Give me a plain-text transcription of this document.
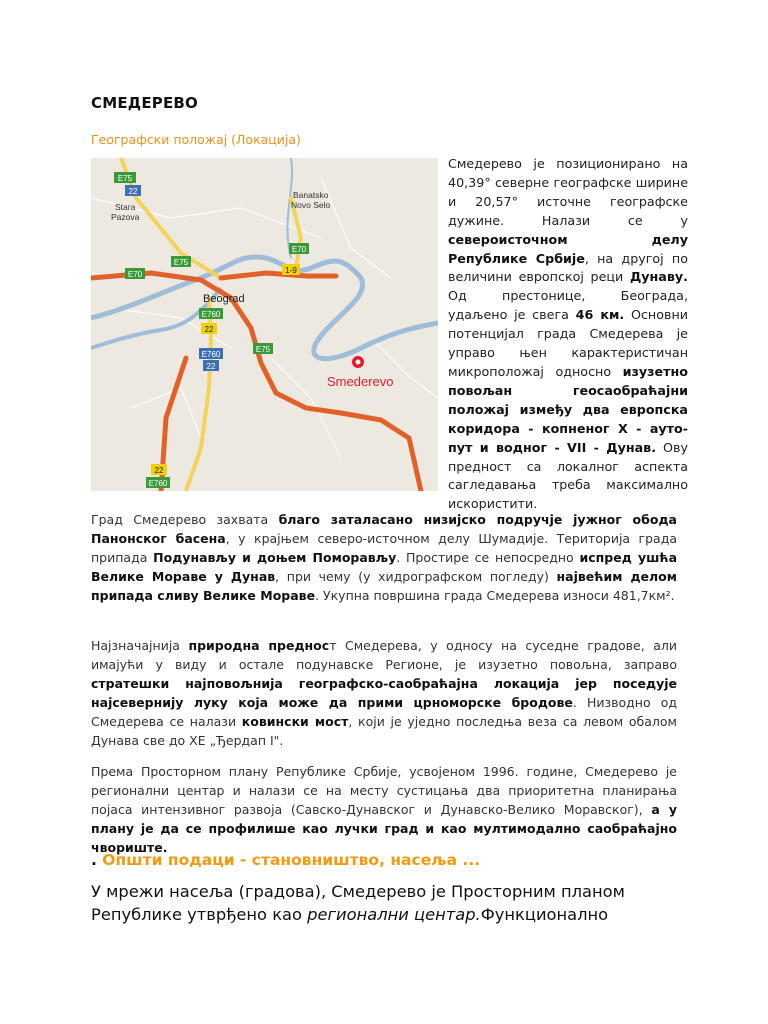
СМЕДЕРЕВО
Географски положај (Локација)
E75
22
E70
E75
E70
1-9
E760
22
E760
22
E75
22
E760
Stara
Pazova
Banatsko
Novo Selo
Beograd
Smederevo
Смедерево је позиционирано на 40,39° северне географске ширине и 20,57° источне географске дужине. Налази се у североисточном делу Републике Србије, на другој по величини европској реци Дунаву. Од престонице, Београда, удаљено је свега 46 км. Основни потенцијал града Смедерева је управо њен карактеристичан микроположај односно изузетно повољан геосаобраћајни положај између два европска коридора - копненог X - ауто-пут и водног - VII - Дунав. Ову предност са локалног аспекта сагледавања треба максимално искористити.
Град Смедерево захвата благо заталасано низијско подручје јужног обода Панонског басена, у крајњем северо-источном делу Шумадије. Територија града припада Подунављу и доњем Поморављу. Простире се непосредно испред ушћа Велике Мораве у Дунав, при чему (у хидрографском погледу) највећим делом припада сливу Велике Мораве. Укупна површина града Смедерева износи 481,7км².
Најзначајнија природна предност Смедерева, у односу на суседне градове, али имајући у виду и остале подунавске Регионе, је изузетно повољна, заправо стратешки најповољнија географско-саобраћајна локација јер поседује најсевернију луку која може да прими црноморске бродове. Низводно од Смедерева се налази ковински мост, који је уједно последња веза са левом обалом Дунава све до ХЕ „Ђердап I".
Према Просторном плану Републике Србије, усвојеном 1996. године, Смедерево је регионални центар и налази се на месту сустицања два приоритетна планирања појаса интензивног развоја (Савско-Дунавског и Дунавско-Велико Моравског), а у плану је да се профилише као лучки град и као мултимодално саобраћајно чвориште.
. Општи подаци - становништво, насеља ...
У мрежи насеља (градова), Смедерево је Просторним планом Републике утврђено као регионални центар.Функционално
